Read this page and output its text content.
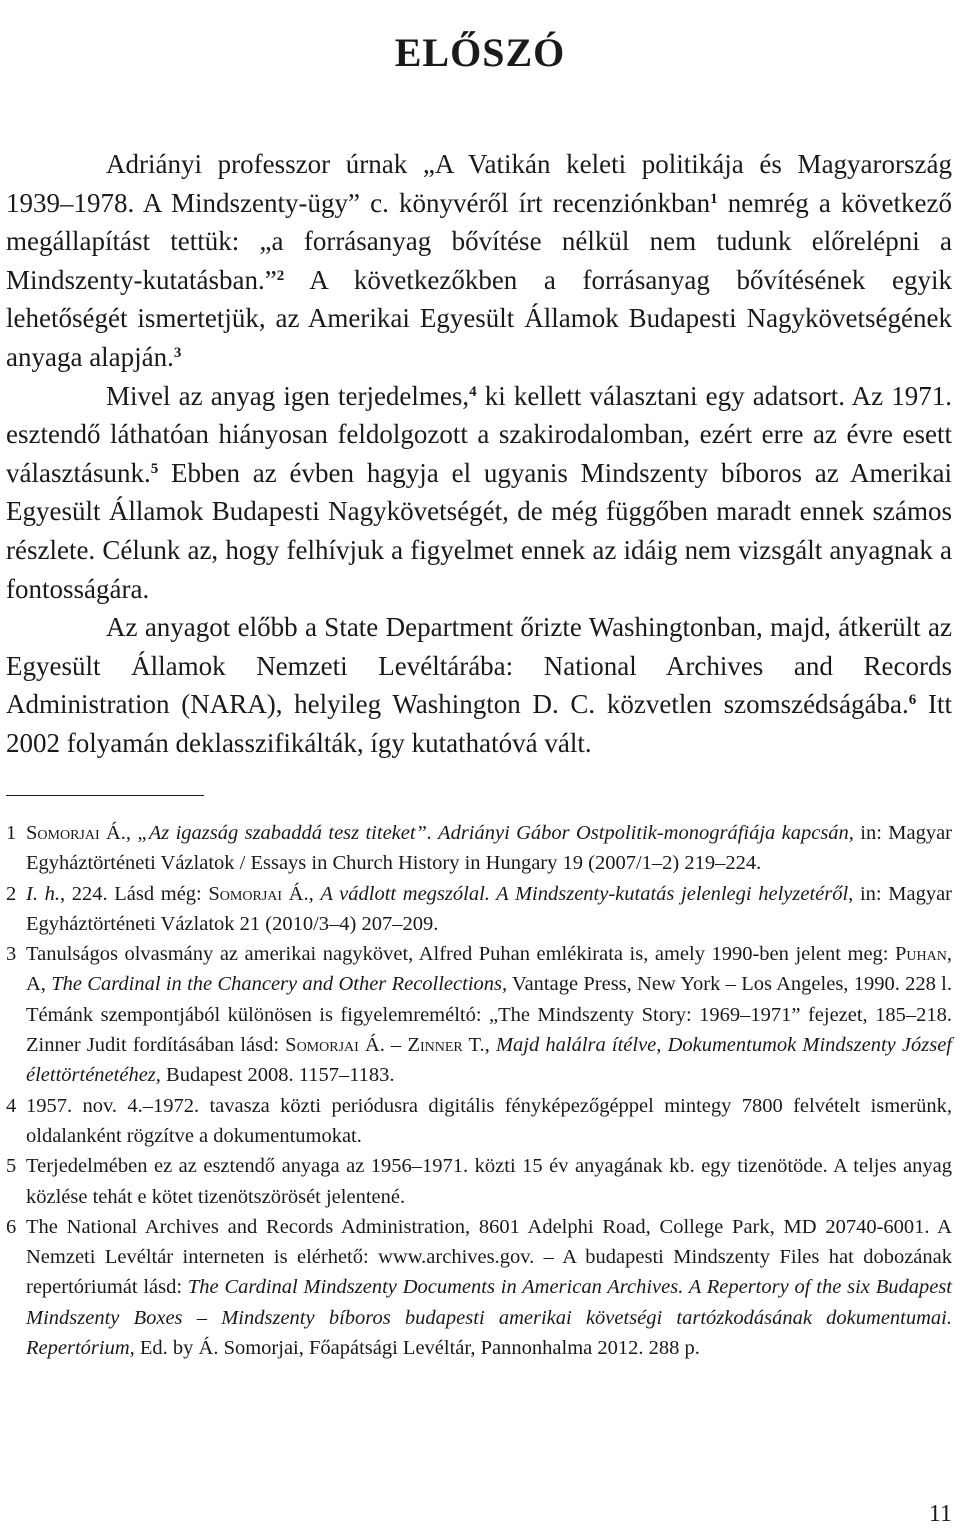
ELŐSZÓ

Adriányi professzor úrnak „A Vatikán keleti politikája és Magyarország 1939–1978. A Mindszenty-ügy” c. könyvéről írt recenziónkban$^1$ nemrég a következő megállapítást tettük: „a forrásanyag bővítése nélkül nem tudunk előrelépni a Mindszenty-kutatásban.”$^2$ A következőkben a forrásanyag bővítésének egyik lehetőségét ismertetjük, az Amerikai Egyesült Államok Budapesti Nagykövetségének anyaga alapján.$^3$

Mivel az anyag igen terjedelmes,$^4$ ki kellett választani egy adatsort. Az 1971. esztendő láthatóan hiányosan feldolgozott a szakirodalomban, ezért erre az évre esett választásunk.$^5$ Ebben az évben hagyja el ugyanis Mindszenty bíboros az Amerikai Egyesült Államok Budapesti Nagykövetségét, de még függőben maradt ennek számos részlete. Célunk az, hogy felhívjuk a figyelmet ennek az idáig nem vizsgált anyagnak a fontosságára.

Az anyagot előbb a State Department őrizte Washingtonban, majd, átkerült az Egyesült Államok Nemzeti Levéltárába: National Archives and Records Administration (NARA), helyileg Washington D. C. közvetlen szomszédságába.$^6$ Itt 2002 folyamán deklasszifikálták, így kutathatóvá vált.

1 Somorjai Á., „Az igazság szabaddá tesz titeket”. Adriányi Gábor Ostpolitik-monográfiája kapcsán, in: Magyar Egyháztörténeti Vázlatok / Essays in Church History in Hungary 19 (2007/1–2) 219–224.
2 I. h., 224. Lásd még: Somorjai Á., A vádlott megszólal. A Mindszenty-kutatás jelenlegi helyzetéről, in: Magyar Egyháztörténeti Vázlatok 21 (2010/3–4) 207–209.
3 Tanulságos olvasmány az amerikai nagykövet, Alfred Puhan emlékirata is, amely 1990-ben jelent meg: Puhan, A, The Cardinal in the Chancery and Other Recollections, Vantage Press, New York – Los Angeles, 1990. 228 l. Témánk szempontjából különösen is figyelemreméltó: „The Mindszenty Story: 1969–1971” fejezet, 185–218. Zinner Judit fordításában lásd: Somorjai Á. – Zinner T., Majd halálra ítélve, Dokumentumok Mindszenty József élettörténetéhez, Budapest 2008. 1157–1183.
4 1957. nov. 4.–1972. tavasza közti periódusra digitális fényképezőgéppel mintegy 7800 felvételt ismerünk, oldalanként rögzítve a dokumentumokat.
5 Terjedelmében ez az esztendő anyaga az 1956–1971. közti 15 év anyagának kb. egy tizenötöde. A teljes anyag közlése tehát e kötet tizenötszörösét jelentené.
6 The National Archives and Records Administration, 8601 Adelphi Road, College Park, MD 20740-6001. A Nemzeti Levéltár interneten is elérhető: www.archives.gov. – A budapesti Mindszenty Files hat dobozának repertóriumát lásd: The Cardinal Mindszenty Documents in American Archives. A Repertory of the six Budapest Mindszenty Boxes – Mindszenty bíboros budapesti amerikai követségi tartózkodásának dokumentumai. Repertórium, Ed. by Á. Somorjai, Főapátsági Levéltár, Pannonhalma 2012. 288 p.
11
